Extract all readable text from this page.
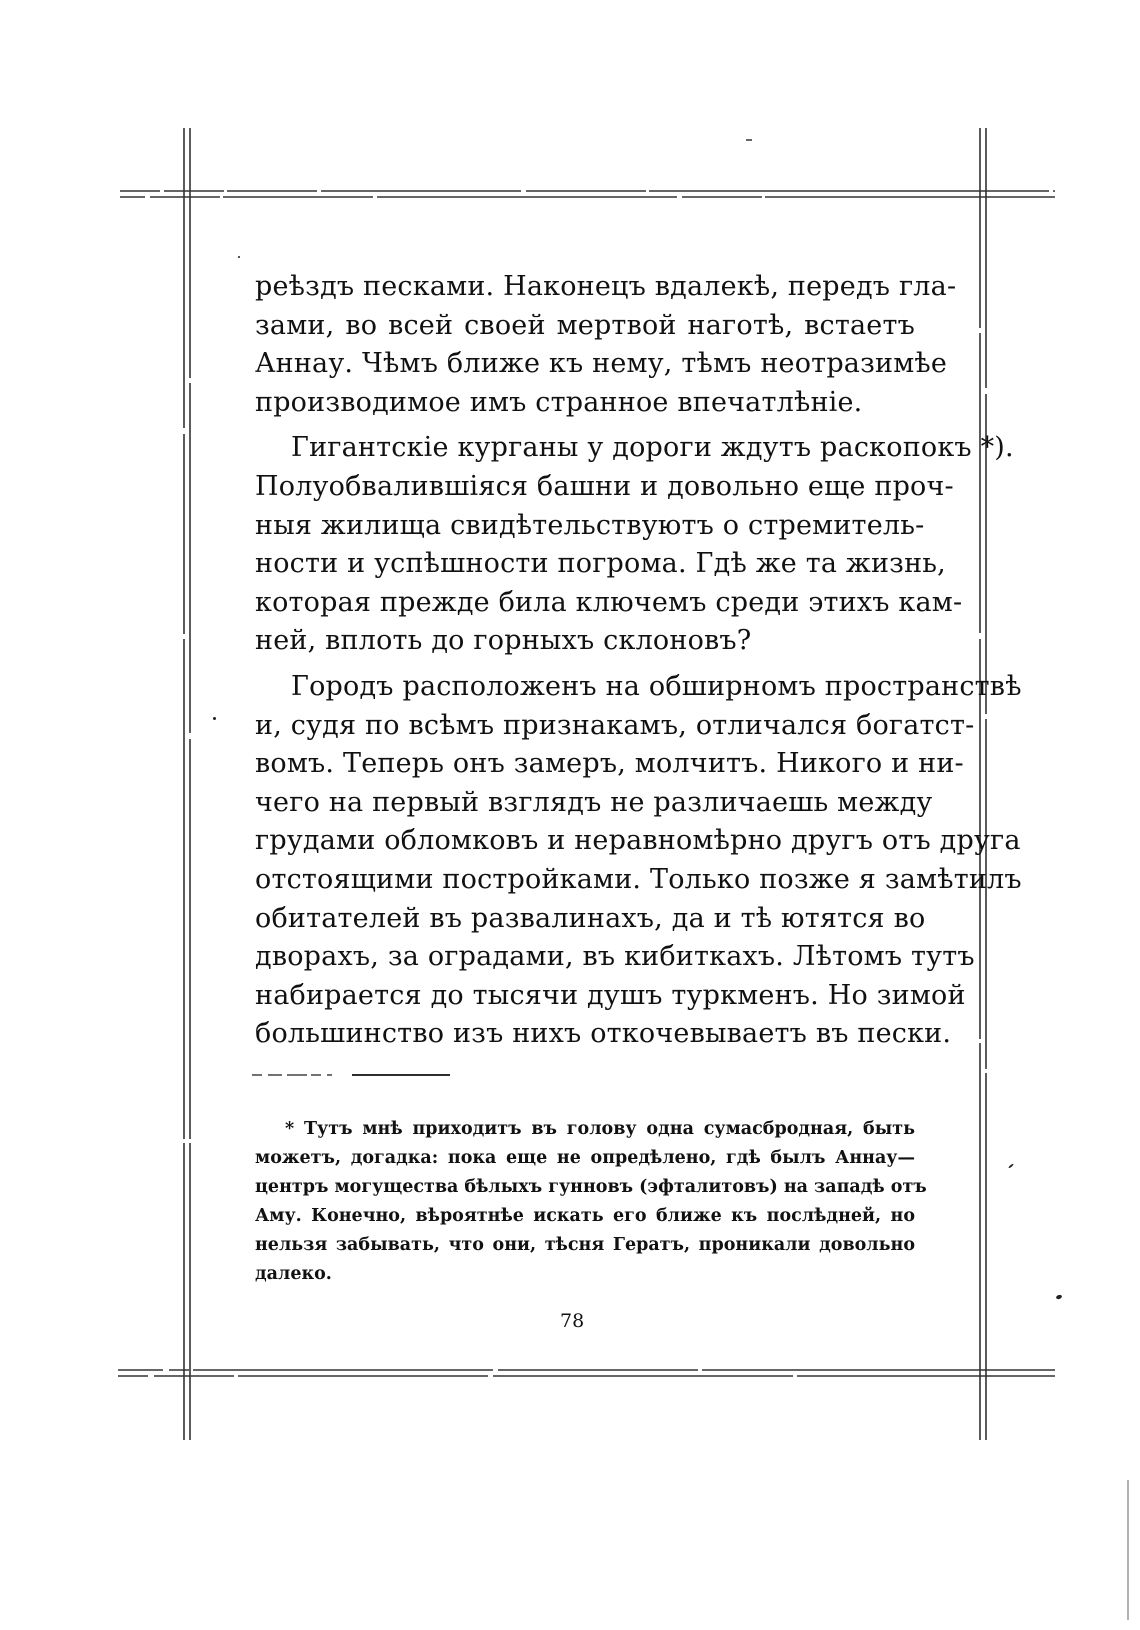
реѣздъ песками. Наконецъ вдалекѣ, передъ гла-
зами, во всей своей мертвой наготѣ, встаетъ
Аннау. Чѣмъ ближе къ нему, тѣмъ неотразимѣе
производимое имъ странное впечатлѣніе.

Гигантскіе курганы у дороги ждутъ раскопокъ *).
Полуобвалившіяся башни и довольно еще проч-
ныя жилища свидѣтельствуютъ о стремитель-
ности и успѣшности погрома. Гдѣ же та жизнь,
которая прежде била ключемъ среди этихъ кам-
ней, вплоть до горныхъ склоновъ?

Городъ расположенъ на обширномъ пространствѣ
и, судя по всѣмъ признакамъ, отличался богатст-
вомъ. Теперь онъ замеръ, молчитъ. Никого и ни-
чего на первый взглядъ не различаешь между
грудами обломковъ и неравномѣрно другъ отъ друга
отстоящими постройками. Только позже я замѣтилъ
обитателей въ развалинахъ, да и тѣ ютятся во
дворахъ, за оградами, въ кибиткахъ. Лѣтомъ тутъ
набирается до тысячи душъ туркменъ. Но зимой
большинство изъ нихъ откочевываетъ въ пески.

* Тутъ мнѣ приходитъ въ голову одна сумасбродная, быть
можетъ, догадка: пока еще не опредѣлено, гдѣ былъ Аннау—
центръ могущества бѣлыхъ гунновъ (эфталитовъ) на западѣ отъ
Аму. Конечно, вѣроятнѣе искать его ближе къ послѣдней, но
нельзя забывать, что они, тѣсня Гератъ, проникали довольно
далеко.
78
